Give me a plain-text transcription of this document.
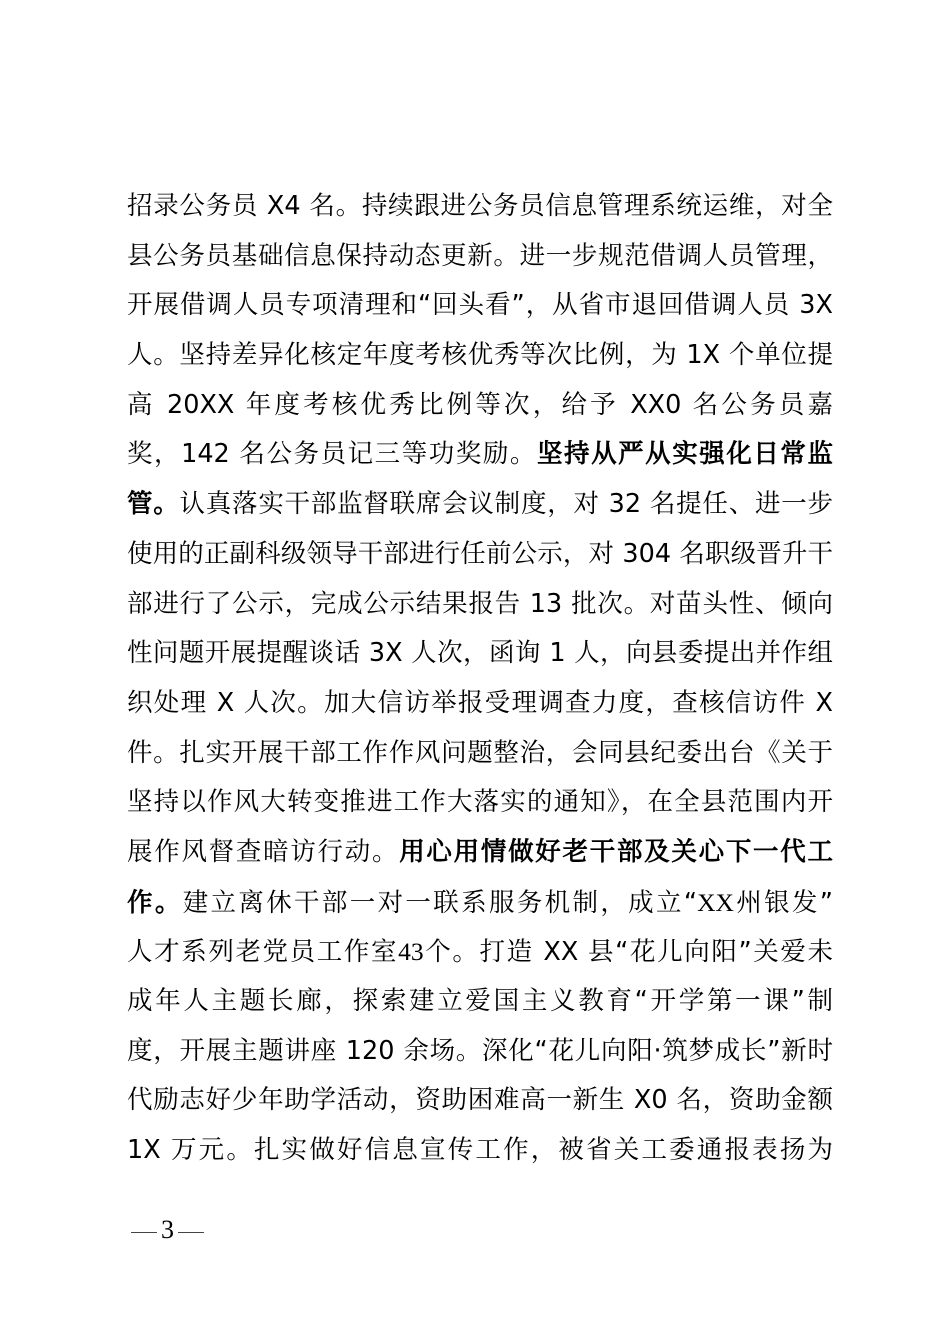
招录公务员 X4 名。持续跟进公务员信息管理系统运维，对全
县公务员基础信息保持动态更新。进一步规范借调人员管理，
开展借调人员专项清理和“回头看”，从省市退回借调人员 3X
人。坚持差异化核定年度考核优秀等次比例，为 1X 个单位提
高 20XX 年度考核优秀比例等次，给予 XX0 名公务员嘉
奖，142 名公务员记三等功奖励。坚持从严从实强化日常监
管。认真落实干部监督联席会议制度，对 32 名提任、进一步
使用的正副科级领导干部进行任前公示，对 304 名职级晋升干
部进行了公示，完成公示结果报告 13 批次。对苗头性、倾向
性问题开展提醒谈话 3X 人次，函询 1 人，向县委提出并作组
织处理 X 人次。加大信访举报受理调查力度，查核信访件 X
件。扎实开展干部工作作风问题整治，会同县纪委出台《关于
坚持以作风大转变推进工作大落实的通知》，在全县范围内开
展作风督查暗访行动。用心用情做好老干部及关心下一代工
作。建立离休干部一对一联系服务机制，成立“XX州银发”
人才系列老党员工作室43个。打造 XX 县“花儿向阳”关爱未
成年人主题长廊，探索建立爱国主义教育“开学第一课”制
度，开展主题讲座 120 余场。深化“花儿向阳·筑梦成长”新时
代励志好少年助学活动，资助困难高一新生 X0 名，资助金额
1X 万元。扎实做好信息宣传工作，被省关工委通报表扬为
3
